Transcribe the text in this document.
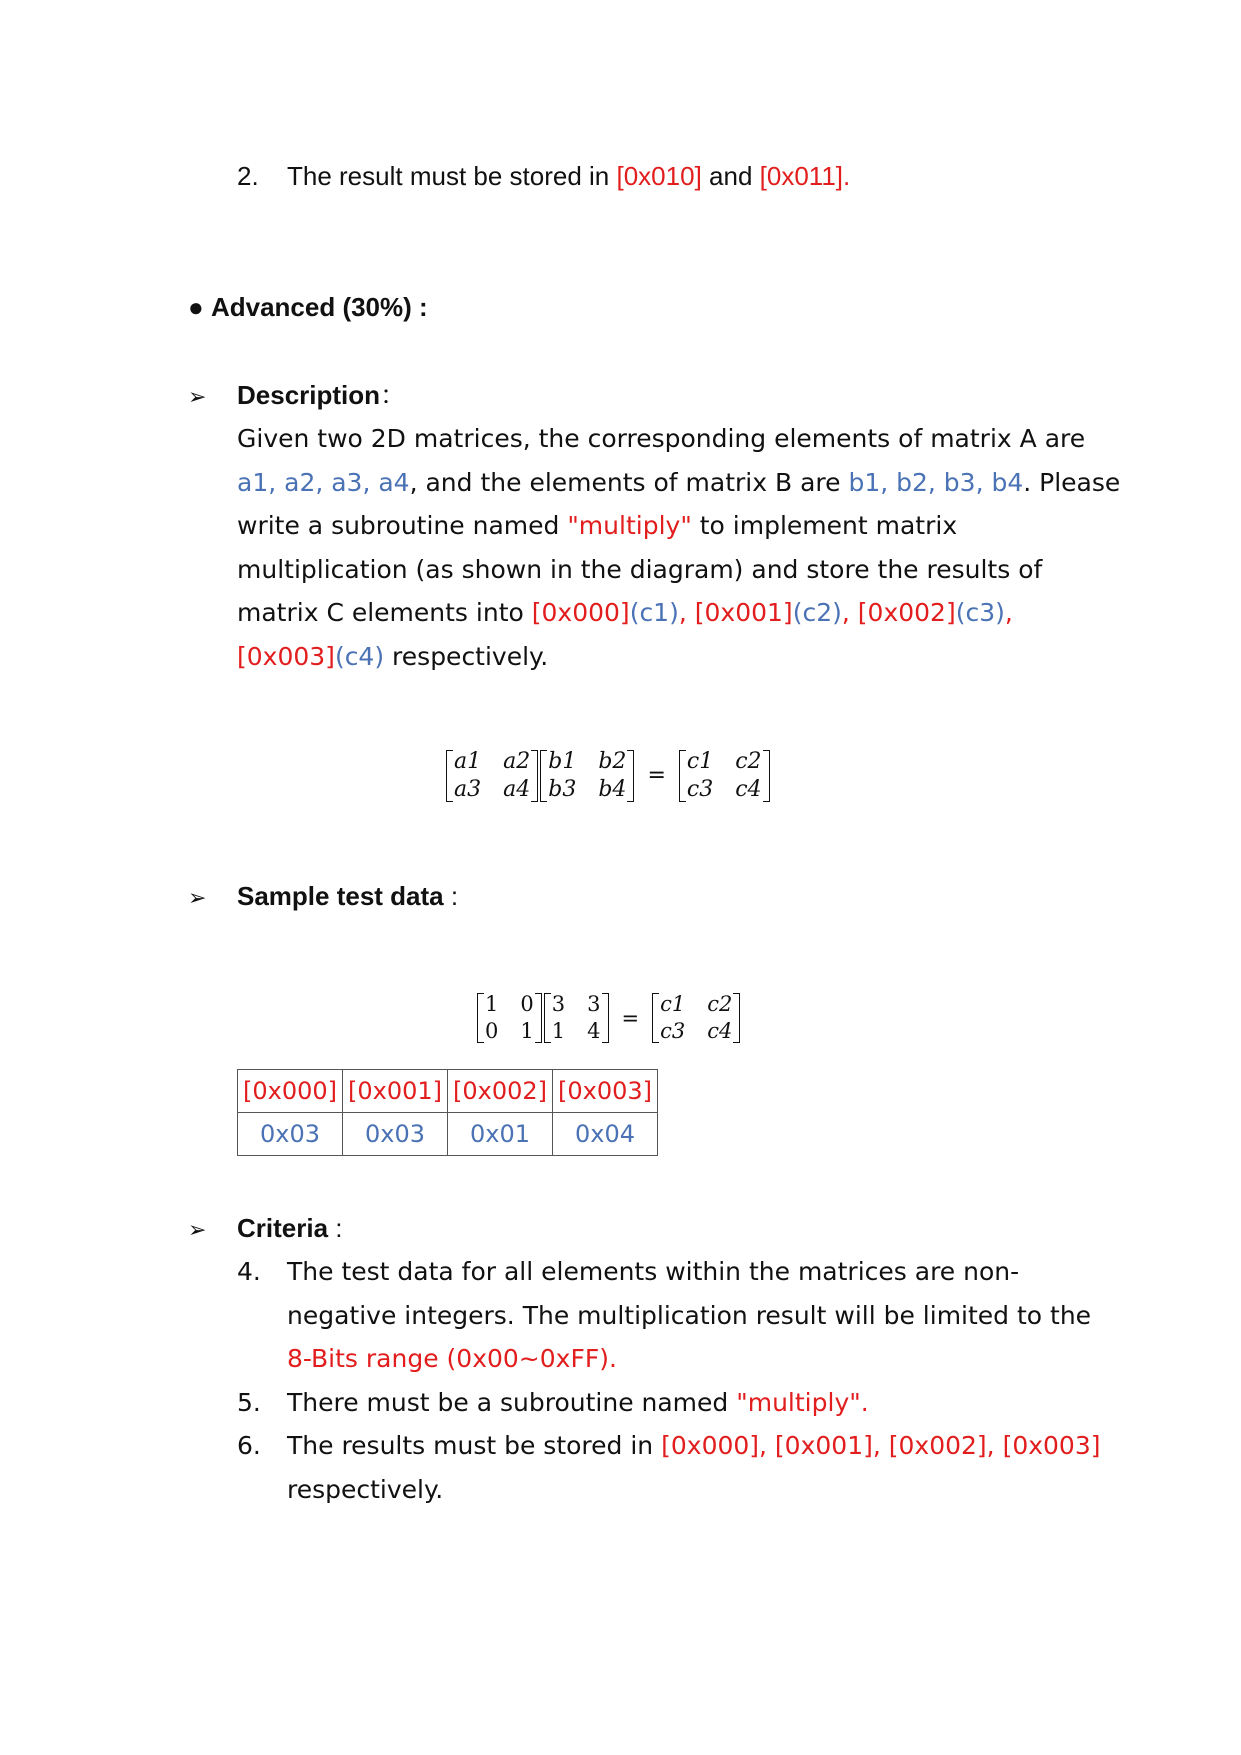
2. The result must be stored in [0x010] and [0x011].
● Advanced (30%) :
➢ Description：
Given two 2D matrices, the corresponding elements of matrix A are
a1, a2, a3, a4, and the elements of matrix B are b1, b2, b3, b4. Please
write a subroutine named "multiply" to implement matrix
multiplication (as shown in the diagram) and store the results of
matrix C elements into [0x000](c1), [0x001](c2), [0x002](c3),
[0x003](c4) respectively.
a1 a2
a3 a4
b1 b2
b3 b4
=
c1 c2
c3 c4
➢ Sample test data :
1 0
0 1
3 3
1 4
=
c1 c2
c3 c4
[0x000]	[0x001]	[0x002]	[0x003]
0x03	0x03	0x01	0x04
➢ Criteria :
4. The test data for all elements within the matrices are non-
negative integers. The multiplication result will be limited to the
8-Bits range (0x00~0xFF).
5. There must be a subroutine named "multiply".
6. The results must be stored in [0x000], [0x001], [0x002], [0x003]
respectively.
